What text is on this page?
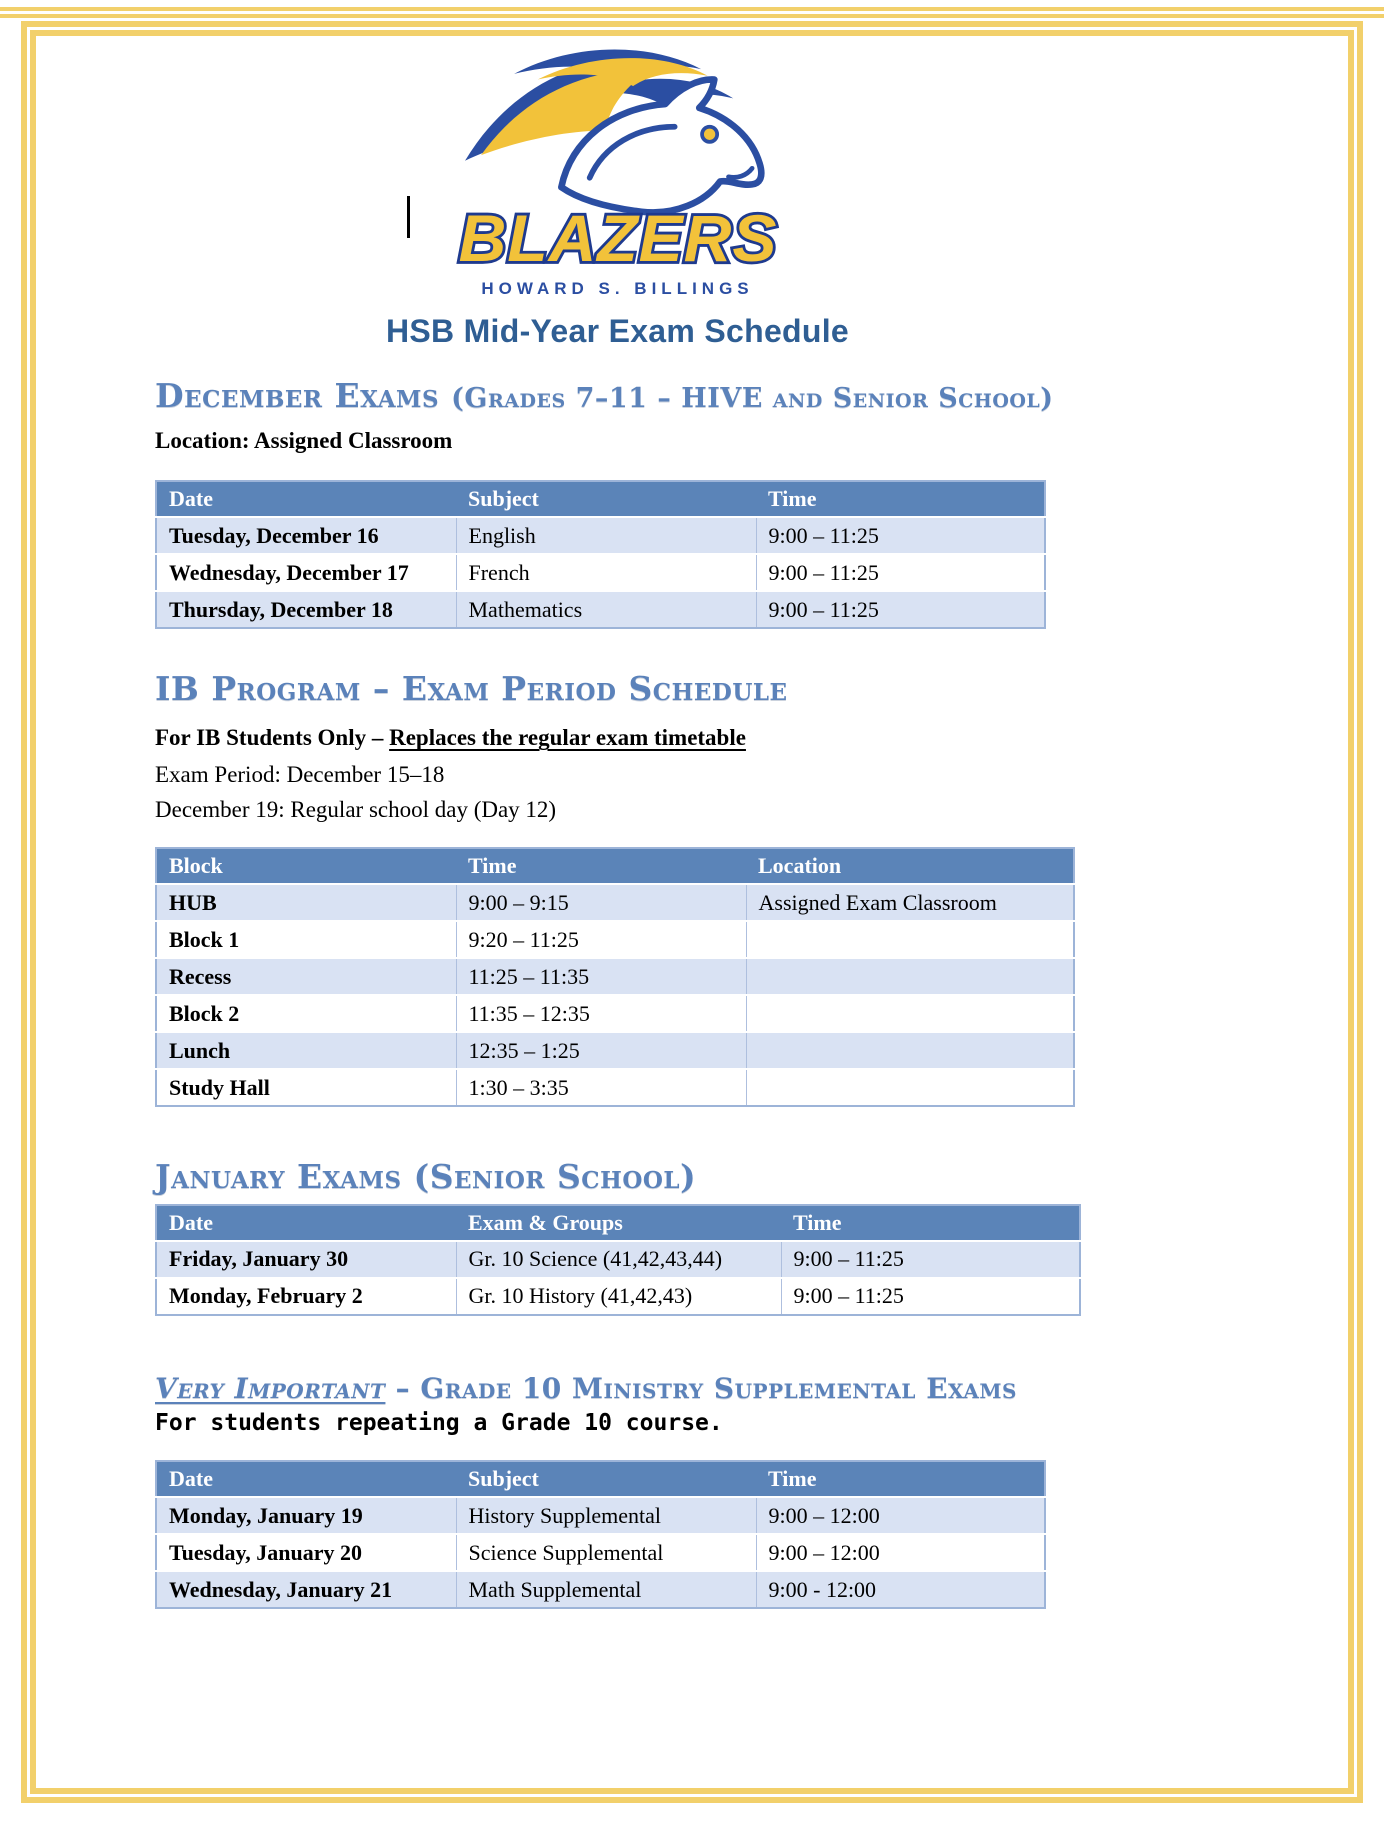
BLAZERS
HOWARD S. BILLINGS
HSB Mid-Year Exam Schedule
December Exams (Grades 7–11 – HIVE and Senior School)

Location: Assigned Classroom

Date	Subject	Time
Tuesday, December 16	English	9:00 – 11:25
Wednesday, December 17	French	9:00 – 11:25
Thursday, December 18	Mathematics	9:00 – 11:25
IB Program – Exam Period Schedule

For IB Students Only – Replaces the regular exam timetable

Exam Period: December 15–18

December 19: Regular school day (Day 12)

Block	Time	Location
HUB	9:00 – 9:15	Assigned Exam Classroom
Block 1	9:20 – 11:25	
Recess	11:25 – 11:35	
Block 2	11:35 – 12:35	
Lunch	12:35 – 1:25	
Study Hall	1:30 – 3:35	
January Exams (Senior School)
Date	Exam & Groups	Time
Friday, January 30	Gr. 10 Science (41,42,43,44)	9:00 – 11:25
Monday, February 2	Gr. 10 History (41,42,43)	9:00 – 11:25
Very Important – Grade 10 Ministry Supplemental Exams

For students repeating a Grade 10 course.

Date	Subject	Time
Monday, January 19	History Supplemental	9:00 – 12:00
Tuesday, January 20	Science Supplemental	9:00 – 12:00
Wednesday, January 21	Math Supplemental	9:00 - 12:00
